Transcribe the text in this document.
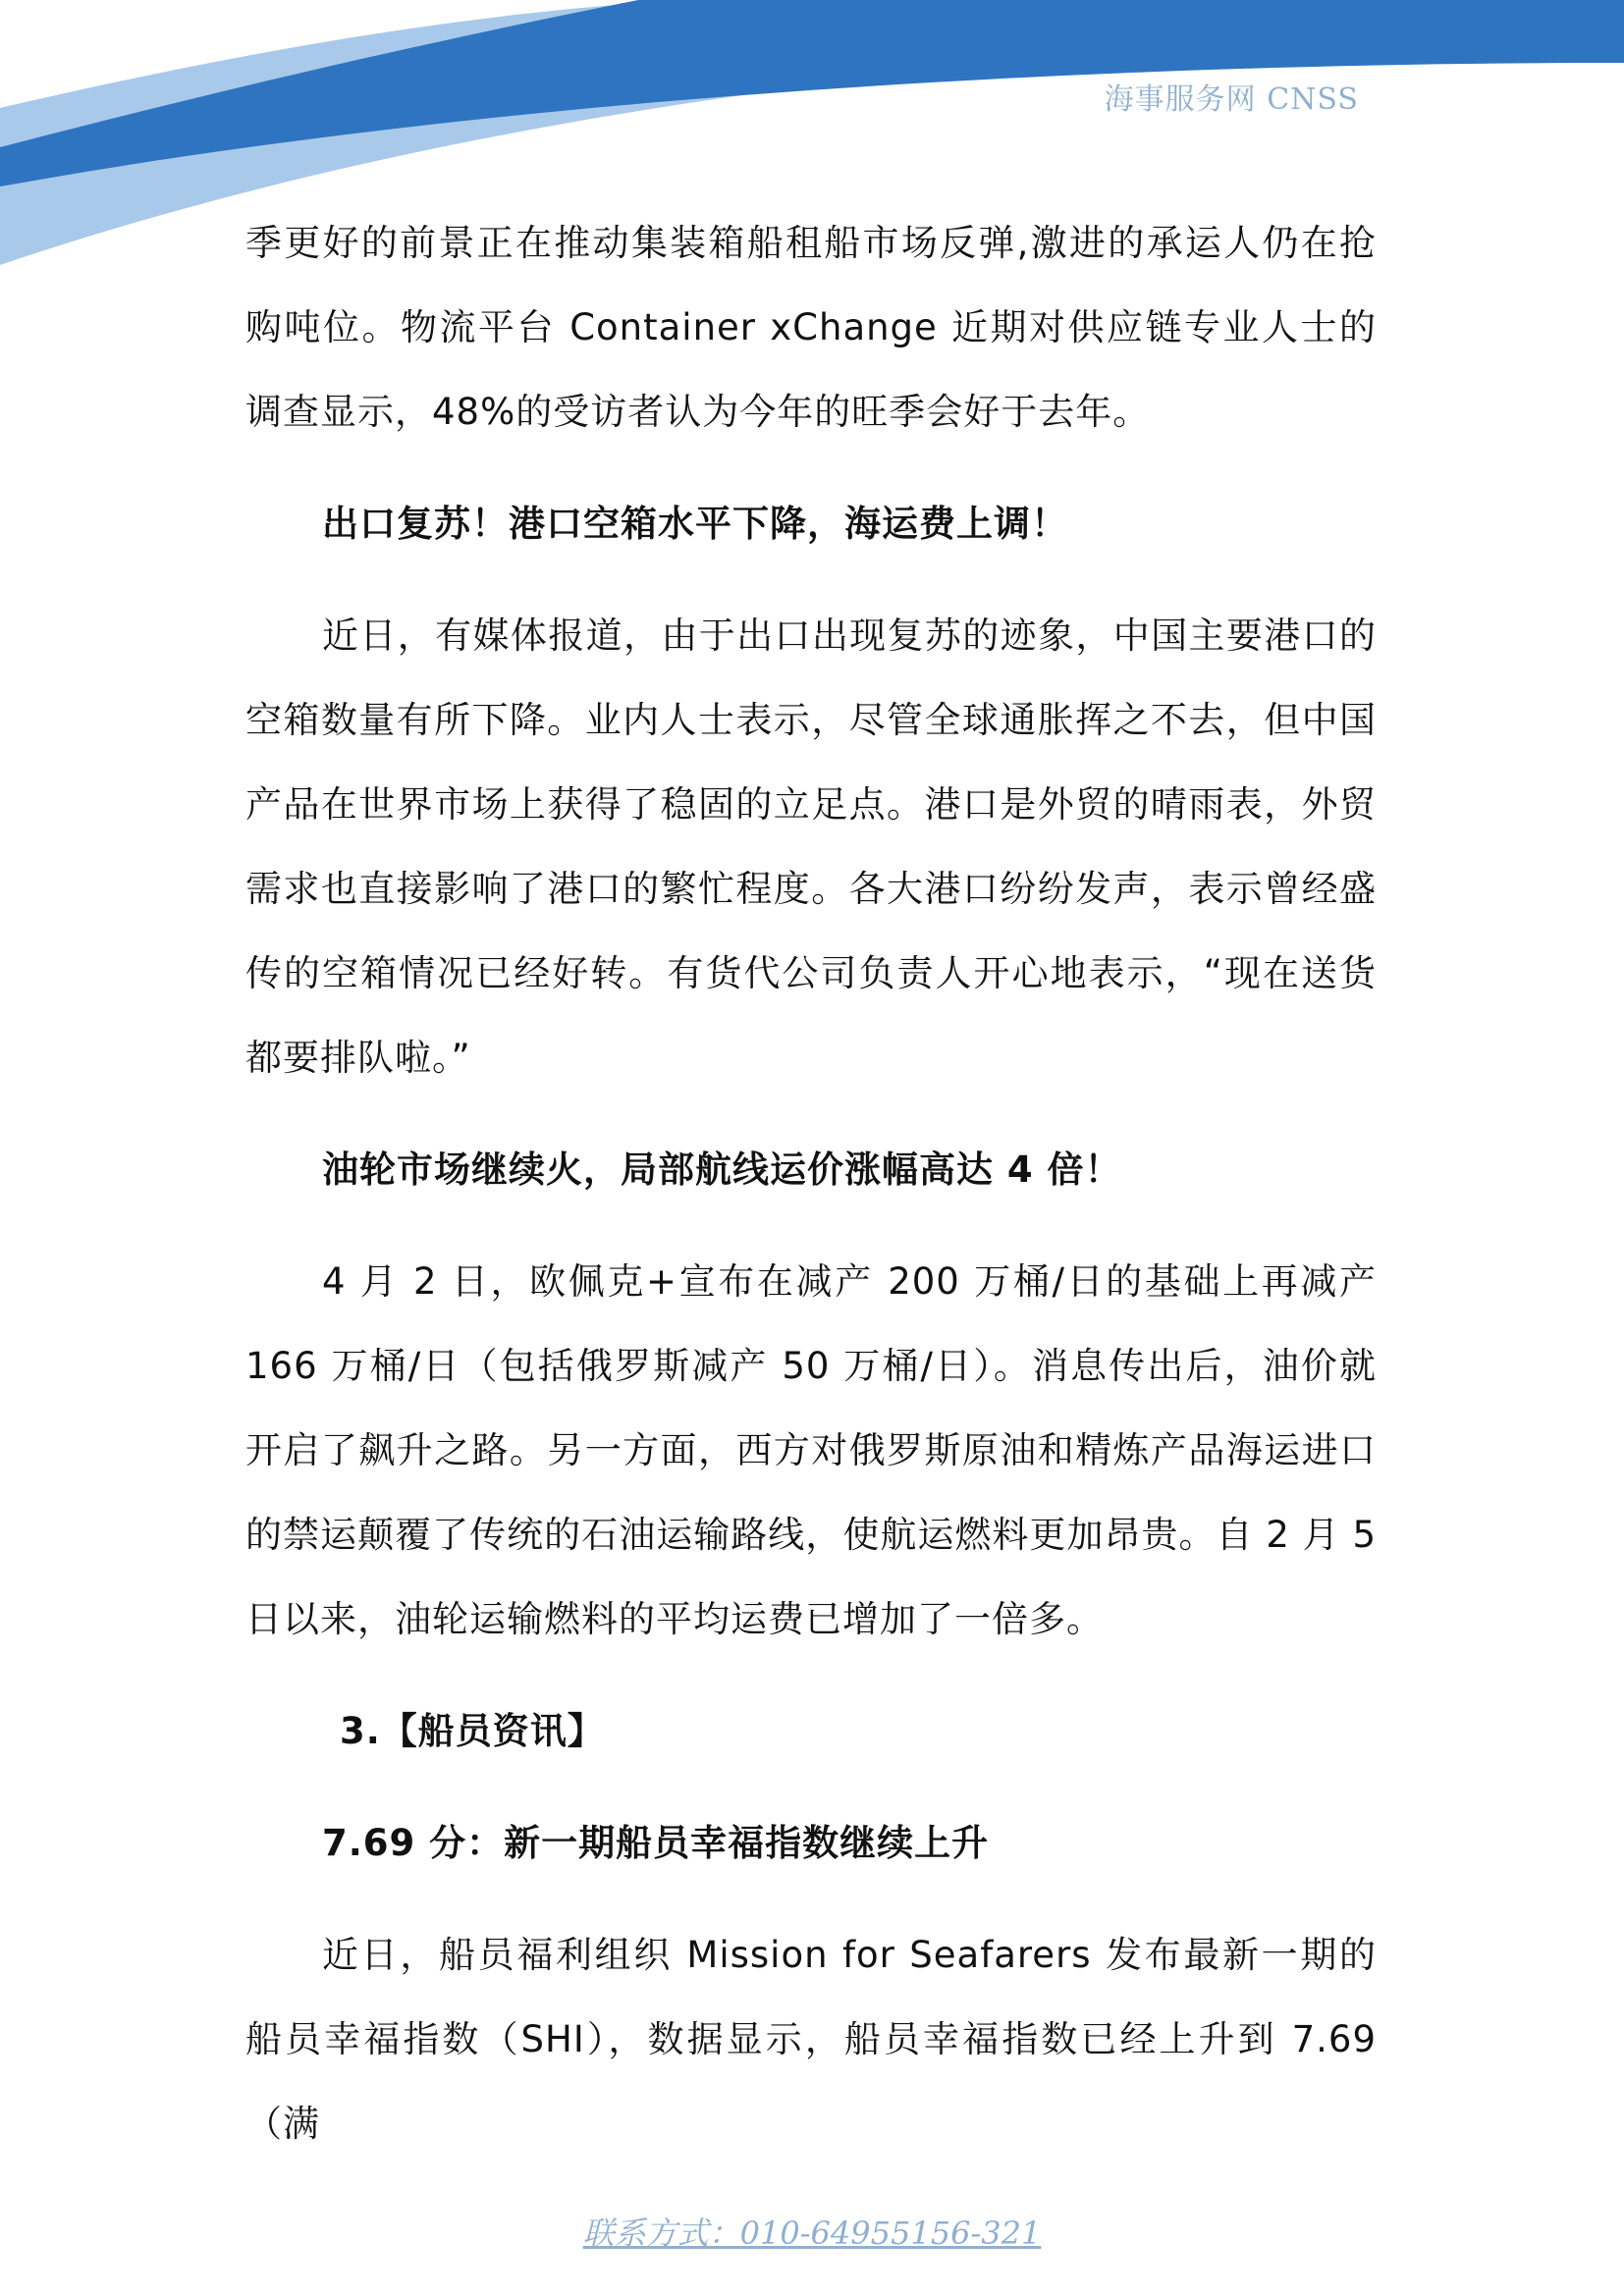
海事服务网 CNSS

季更好的前景正在推动集装箱船租船市场反弹,激进的承运人仍在抢购吨位。物流平台 Container xChange 近期对供应链专业人士的调查显示，48%的受访者认为今年的旺季会好于去年。

出口复苏！港口空箱水平下降，海运费上调！

近日，有媒体报道，由于出口出现复苏的迹象，中国主要港口的空箱数量有所下降。业内人士表示，尽管全球通胀挥之不去，但中国产品在世界市场上获得了稳固的立足点。港口是外贸的晴雨表，外贸需求也直接影响了港口的繁忙程度。各大港口纷纷发声，表示曾经盛传的空箱情况已经好转。有货代公司负责人开心地表示，“现在送货都要排队啦。”

油轮市场继续火，局部航线运价涨幅高达 4 倍！

4 月 2 日，欧佩克+宣布在减产 200 万桶/日的基础上再减产 166 万桶/日（包括俄罗斯减产 50 万桶/日）。消息传出后，油价就开启了飙升之路。另一方面，西方对俄罗斯原油和精炼产品海运进口的禁运颠覆了传统的石油运输路线，使航运燃料更加昂贵。自 2 月 5 日以来，油轮运输燃料的平均运费已增加了一倍多。

3.【船员资讯】

7.69 分：新一期船员幸福指数继续上升

近日，船员福利组织 Mission for Seafarers 发布最新一期的船员幸福指数（SHI），数据显示，船员幸福指数已经上升到 7.69（满

联系方式：010-64955156-321
